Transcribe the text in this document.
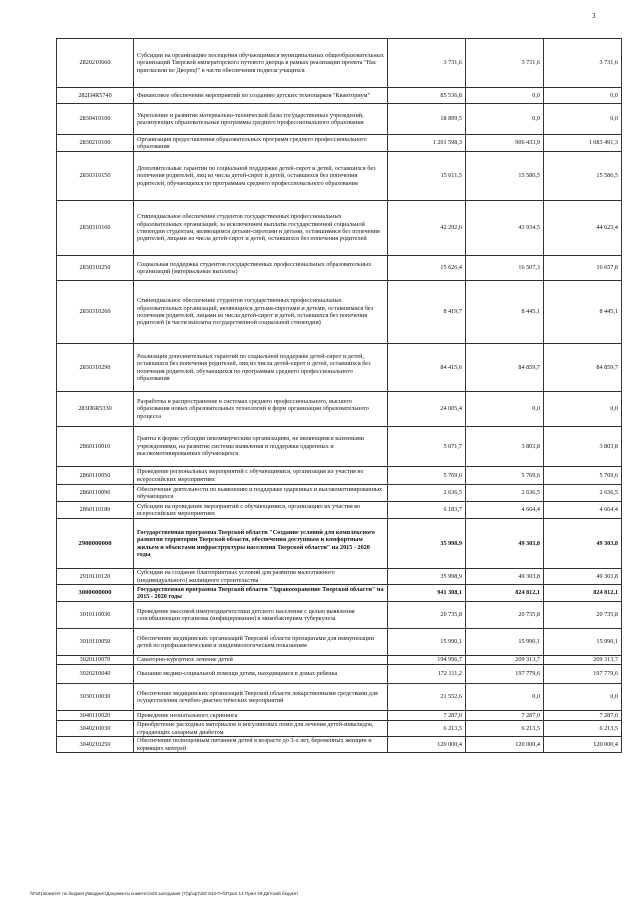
3
2820210660	Субсидии на организацию посещения обучающимися муниципальных общеобразовательных организаций Тверской императорского путевого дворца в рамках реализации проекта "Нас пригласили во Дворец!" в части обеспечения подвоза учащихся	3 731,6	3 731,6	3 731,6
282П4R5740	Финансовое обеспечение мероприятий по созданию детских технопарков "Кванториум"	85 536,8	0,0	0,0
2830410100	Укрепление и развитие материально-технической базы государственных учреждений, реализующих образовательные программы среднего профессионального образования	18 899,5	0,0	0,0
2830210100	Организация предоставления образовательных программ среднего профессионального образования	1 201 598,3	906 433,9	1 083 491,3
2830310150	Дополнительные гарантии по социальной поддержке детей-сирот и детей, оставшихся без попечения родителей, лиц из числа детей-сирот и детей, оставшихся без попечения родителей, обучающихся по программам среднего профессионального образования	15 011,5	15 586,5	15 586,5
2830310160	Стипендиальное обеспечение студентов государственных профессиональных образовательных организаций, за исключением выплаты государственной социальной стипендии студентам, являющимся детьми-сиротами и детьми, оставшимися без попечения родителей, лицами из числа детей-сирот и детей, оставшихся без попечения родителей	42 292,6	43 934,5	44 623,4
2830310250	Социальная поддержка студентов государственных профессиональных образовательных организаций (материальные выплаты)	15 626,4	16 507,3	16 657,8
2830310260	Стипендиальное обеспечение студентов государственных профессиональных образовательных организаций, являющихся детьми-сиротами и детьми, оставшимися без попечения родителей, лицами из числа детей-сирот и детей, оставшихся без попечения родителей (в части выплаты государственной социальной стипендии)	8 419,7	8 445,1	8 445,1
2830310290	Реализация дополнительных гарантий по социальной поддержке детей-сирот и детей, оставшихся без попечения родителей, лиц из числа детей-сирот и детей, оставшихся без попечения родителей, обучающихся по программам среднего профессионального образования	84 415,6	84 859,7	84 859,7
283П6R5330	Разработка и распространение в системах среднего профессионального, высшего образования новых образовательных технологий и форм организации образовательного процесса	24 005,4	0,0	0,0
2860110010	Гранты в форме субсидии некоммерческим организациям, не являющимся казенными учреждениями, на развитие системы выявления и поддержки одаренных и высокомотивированных обучающихся	5 071,7	3 803,8	3 803,8
2860110050	Проведение региональных мероприятий с обучающимися, организация их участия во всероссийских мероприятиях	5 769,6	5 769,6	5 769,6
2860110090	Обеспечение деятельности по выявлению и поддержке одаренных и высокомотивированных обучающихся	2 636,5	2 636,5	2 636,5
2860110180	Субсидии на проведение мероприятий с обучающимися, организацию их участия во всероссийских мероприятиях	6 183,7	4 664,4	4 664,4
2900000000	Государственная программа Тверской области "Создание условий для комплексного развития территории Тверской области, обеспечения доступным и комфортным жильем и объектами инфраструктуры населения Тверской области" на 2015 - 2020 годы	35 998,9	49 303,8	49 303,8
2910110120	Субсидии на создание благоприятных условий для развития малоэтажного (индивидуального) жилищного строительства	35 998,9	49 303,8	49 303,8
3000000000	Государственная программа Тверской области "Здравоохранение Тверской области" на 2015 - 2020 годы	941 308,1	824 812,1	824 812,1
3010110030	Проведение массовой иммунодиагностики детского населения с целью выявления сенсибилизации организма (инфицирования) к микобактериям туберкулеза	20 735,8	20 735,8	20 735,8
3010110050	Обеспечение медицинских организаций Тверской области препаратами для иммунизации детей по профилактическим и эпидемиологическим показаниям	15 990,1	15 990,1	15 990,1
3020110070	Санаторно-курортное лечение детей	194 996,7	209 313,7	209 313,7
3020210040	Оказание медико-социальной помощи детям, находящимся в домах ребенка	172 111,2	197 779,6	197 779,6
3030110030	Обеспечение медицинских организаций Тверской области лекарственными средствами для осуществления лечебно-диагностических мероприятий	21 552,6	0,0	0,0
3040110020	Проведение неонатального скрининга	7 287,0	7 287,0	7 287,0
3040210030	Приобретение расходных материалов и инсулиновых помп для лечения детей-инвалидов, страдающих сахарным диабетом	6 213,5	6 213,5	6 213,5
3040210250	Обеспечение полноценным питанием детей в возрасте до 3-х лет, беременных женщин и кормящих матерей	120 000,4	120 000,4	120 000,4
\\Fs01\комитет по бюджету\Бюджет\Документы комитета\28 заседание (7)\р\зрт\28\ 544-П-б\Прил 14 Прил 49 Детский бюджет
